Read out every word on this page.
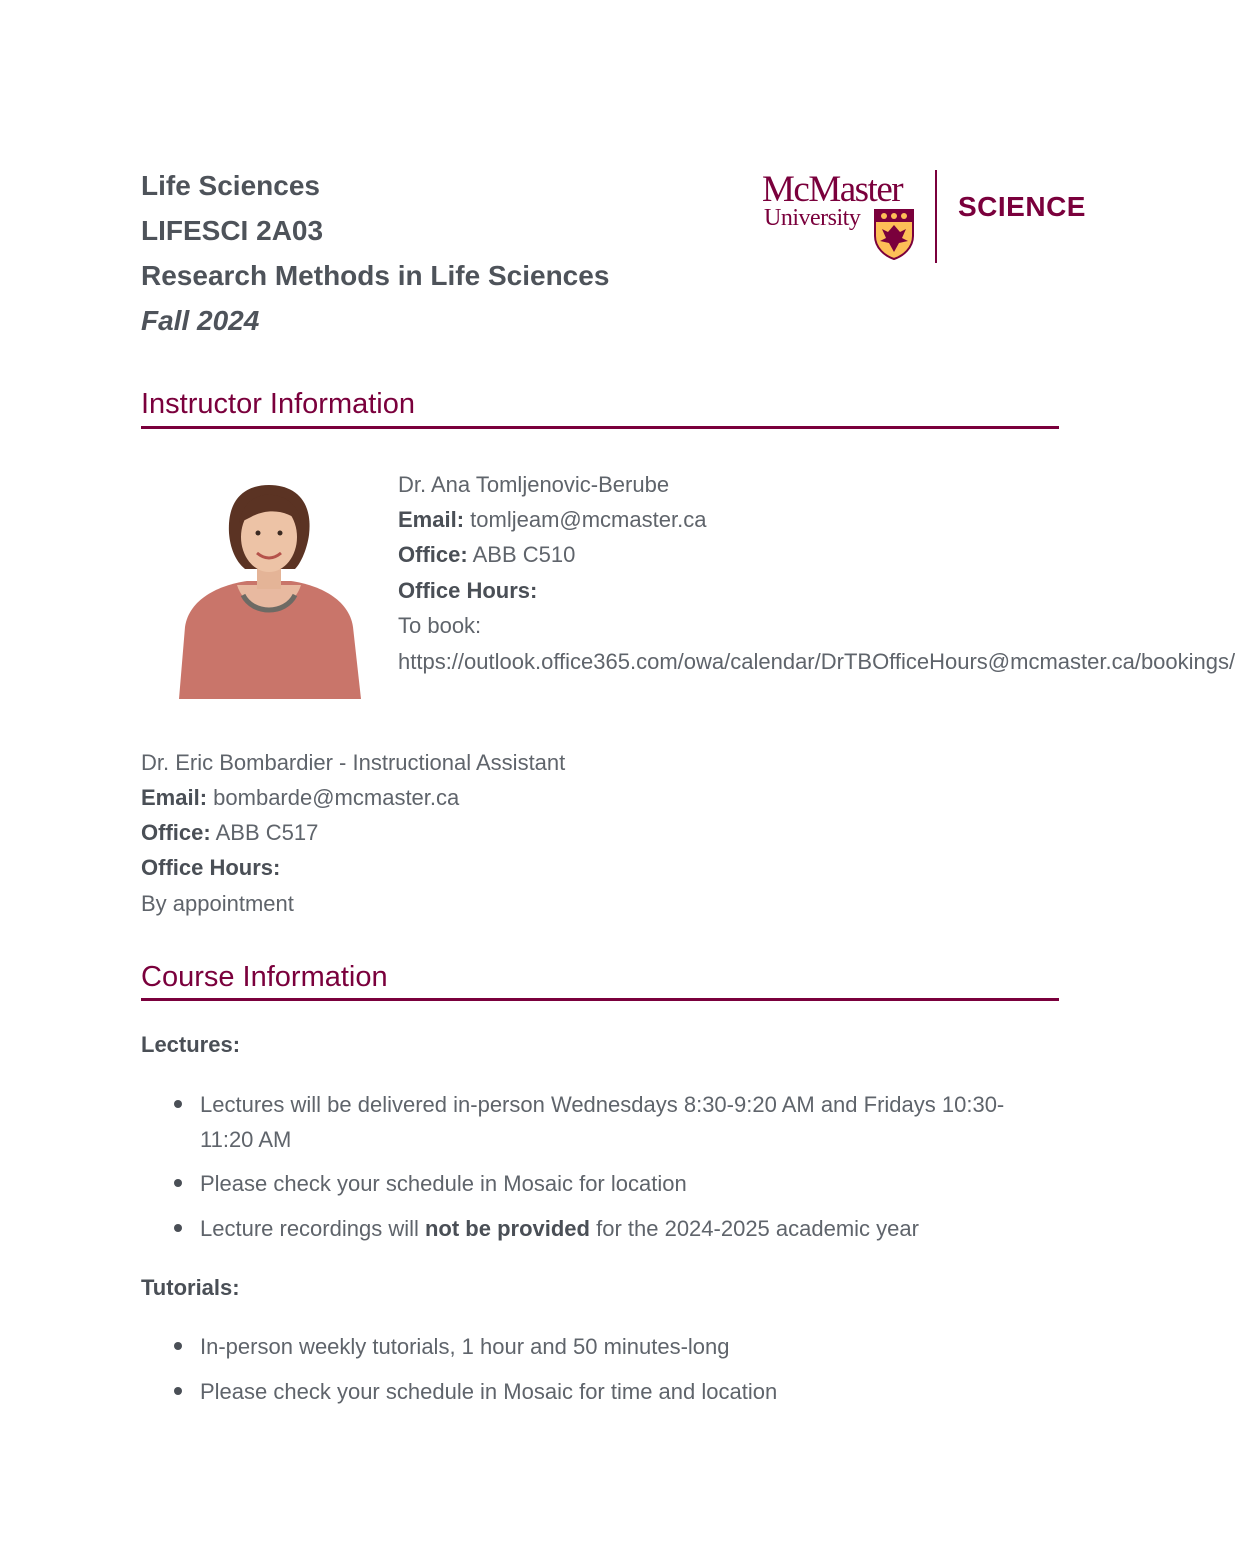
Life Sciences
LIFESCI 2A03
Research Methods in Life Sciences
Fall 2024
McMaster
University	SCIENCE
Instructor Information
Dr. Ana Tomljenovic-Berube
Email: tomljeam@mcmaster.ca
Office: ABB C510
Office Hours:
To book:
https://outlook.office365.com/owa/calendar/DrTBOfficeHours@mcmaster.ca/bookings/
Dr. Eric Bombardier - Instructional Assistant
Email: bombarde@mcmaster.ca
Office: ABB C517
Office Hours:
By appointment
Course Information
Lectures:
Lectures will be delivered in-person Wednesdays 8:30-9:20 AM and Fridays 10:30-
11:20 AM
Please check your schedule in Mosaic for location
Lecture recordings will not be provided for the 2024-2025 academic year
Tutorials:
In-person weekly tutorials, 1 hour and 50 minutes-long
Please check your schedule in Mosaic for time and location
